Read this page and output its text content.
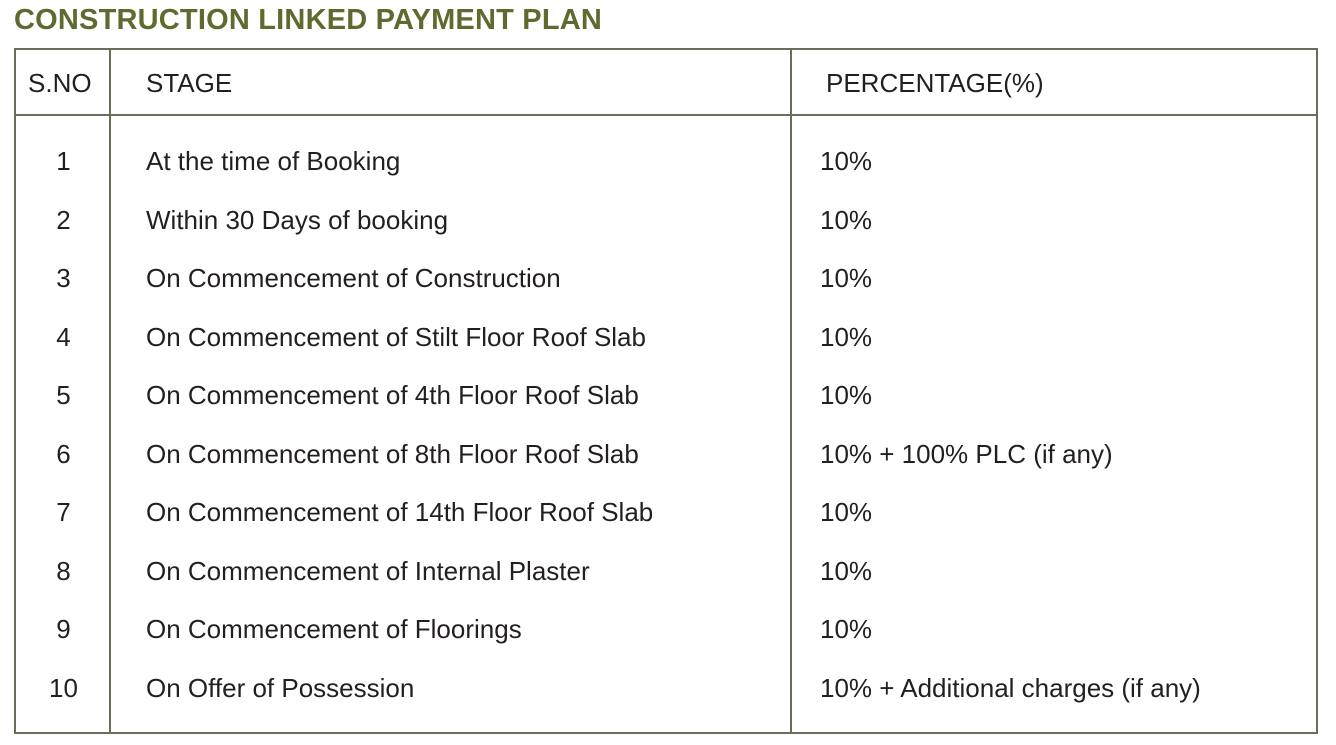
CONSTRUCTION LINKED PAYMENT PLAN
S.NO STAGE	PERCENTAGE(%)
1	At the time of Booking	10%
2	Within 30 Days of booking	10%
3	On Commencement of Construction	10%
4	On Commencement of Stilt Floor Roof Slab	10%
5	On Commencement of 4th Floor Roof Slab	10%
6	On Commencement of 8th Floor Roof Slab	10% + 100% PLC (if any)
7	On Commencement of 14th Floor Roof Slab	10%
8	On Commencement of Internal Plaster	10%
9	On Commencement of Floorings	10%
10	On Offer of Possession	10% + Additional charges (if any)
